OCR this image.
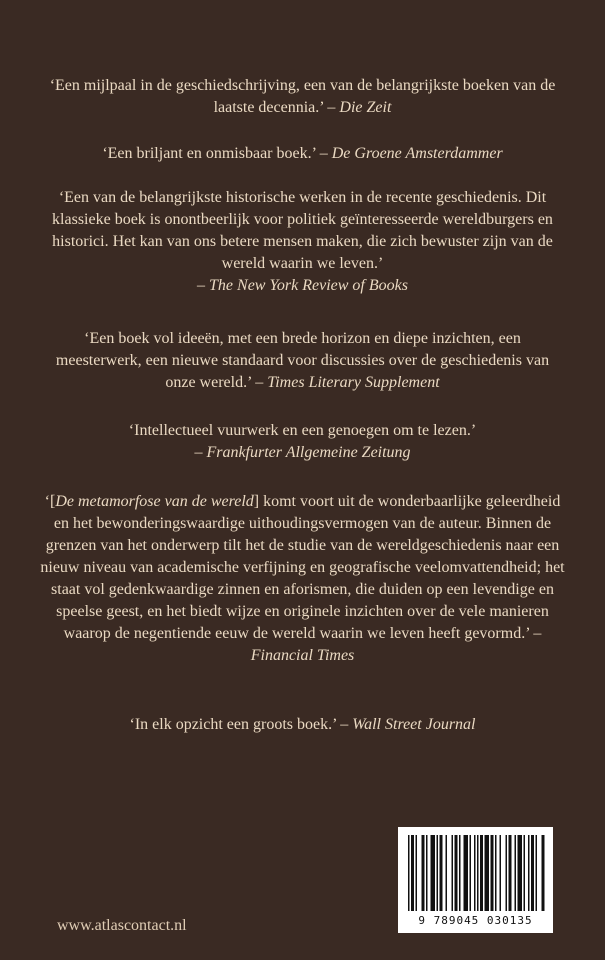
‘Een mijlpaal in de geschiedschrijving, een van de belangrijkste boeken van de laatste decennia.’ – Die Zeit
‘Een briljant en onmisbaar boek.’ – De Groene Amsterdammer
‘Een van de belangrijkste historische werken in de recente geschiedenis. Dit klassieke boek is onontbeerlijk voor politiek geïnteresseerde wereldburgers en historici. Het kan van ons betere mensen maken, die zich bewuster zijn van de wereld waarin we leven.’
– The New York Review of Books
‘Een boek vol ideeën, met een brede horizon en diepe inzichten, een meesterwerk, een nieuwe standaard voor discussies over de geschiedenis van onze wereld.’ – Times Literary Supplement
‘Intellectueel vuurwerk en een genoegen om te lezen.’
– Frankfurter Allgemeine Zeitung
‘[De metamorfose van de wereld] komt voort uit de wonderbaarlijke geleerdheid en het bewonderingswaardige uithoudingsvermogen van de auteur. Binnen de grenzen van het onderwerp tilt het de studie van de wereldgeschiedenis naar een nieuw niveau van academische verfijning en geografische veelomvattendheid; het staat vol gedenkwaardige zinnen en aforismen, die duiden op een levendige en speelse geest, en het biedt wijze en originele inzichten over de vele manieren waarop de negentiende eeuw de wereld waarin we leven heeft gevormd.’ – Financial Times
‘In elk opzicht een groots boek.’ – Wall Street Journal
www.atlascontact.nl	9 789045 030135
